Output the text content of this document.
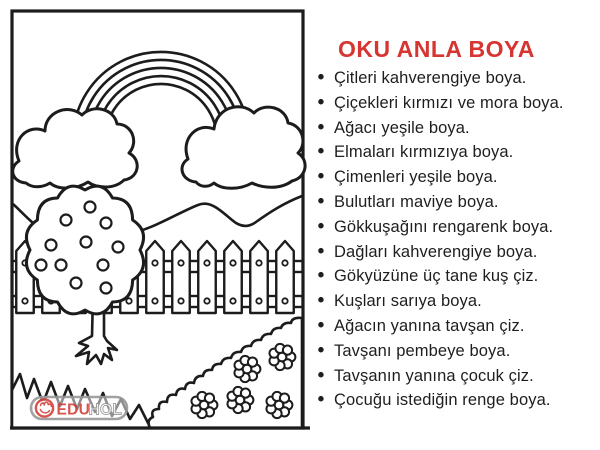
EDU
HOL
OKU ANLA BOYA
• Çitleri kahverengiye boya.
• Çiçekleri kırmızı ve mora boya.
• Ağacı yeşile boya.
• Elmaları kırmızıya boya.
• Çimenleri yeşile boya.
• Bulutları maviye boya.
• Gökkuşağını rengarenk boya.
• Dağları kahverengiye boya.
• Gökyüzüne üç tane kuş çiz.
• Kuşları sarıya boya.
• Ağacın yanına tavşan çiz.
• Tavşanı pembeye boya.
• Tavşanın yanına çocuk çiz.
• Çocuğu istediğin renge boya.
